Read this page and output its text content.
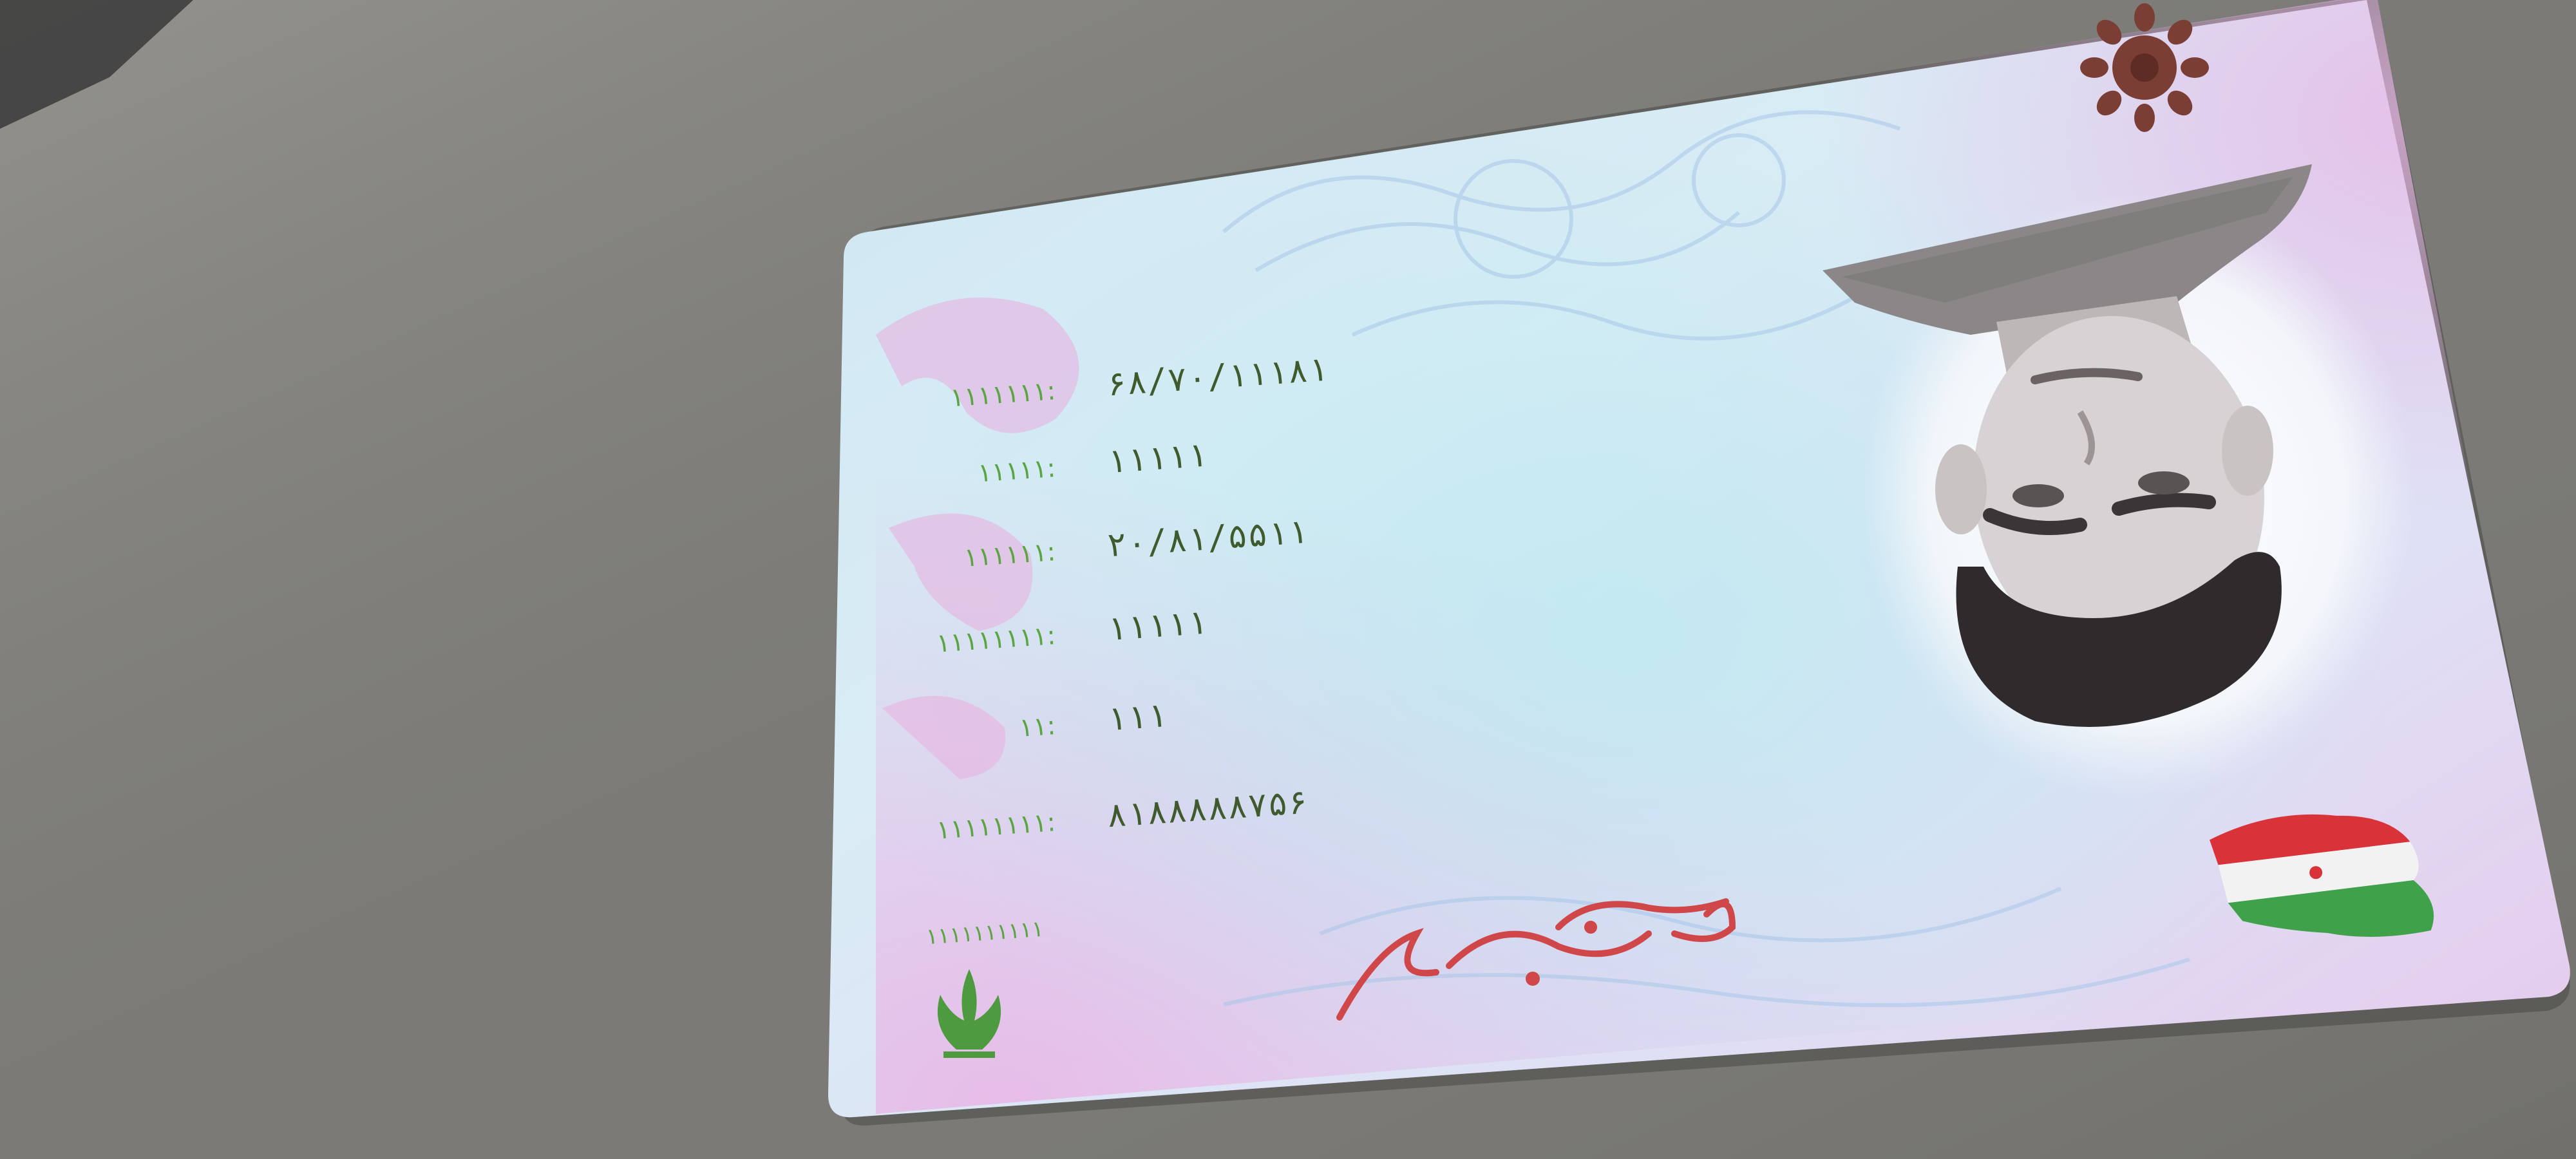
۱۱۱۱۱۱۱: ۶۸/۷۰/۱۱۱۸۱
۱۱۱۱۱: ۱۱۱۱۱
۱۱۱۱۱۱: ۲۰/۸۱/۵۵۱۱
۱۱۱۱۱۱۱۱: ۱۱۱۱۱
۱۱: ۱۱۱
۱۱۱۱۱۱۱۱: ۸۱۸۸۸۸۸۷۵۶
۱۱۱۱۱۱۱۱۱۱
